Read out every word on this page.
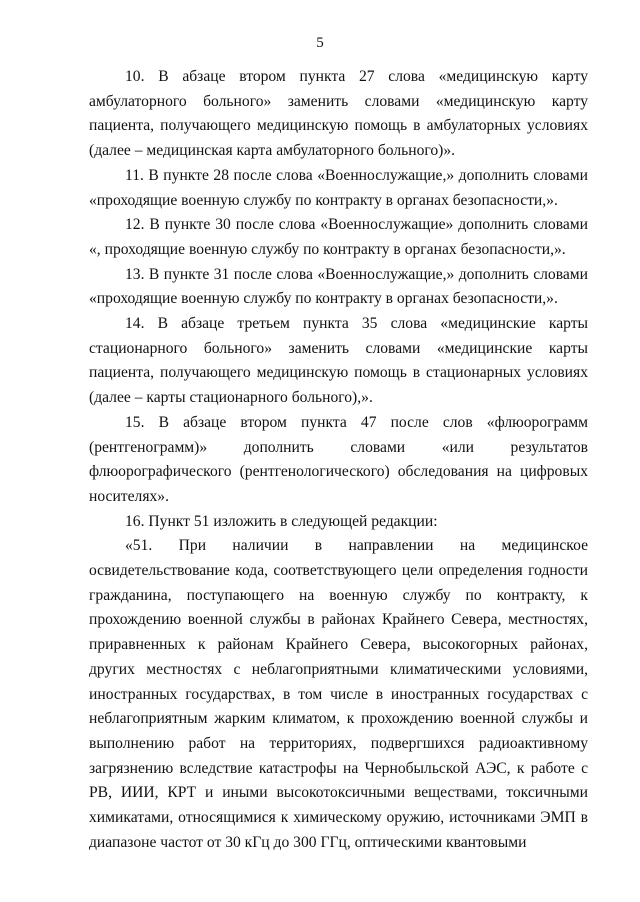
5

10. В абзаце втором пункта 27 слова «медицинскую карту амбулаторного больного» заменить словами «медицинскую карту пациента, получающего медицинскую помощь в амбулаторных условиях (далее – медицинская карта амбулаторного больного)».

11. В пункте 28 после слова «Военнослужащие,» дополнить словами «проходящие военную службу по контракту в органах безопасности,».

12. В пункте 30 после слова «Военнослужащие» дополнить словами «, проходящие военную службу по контракту в органах безопасности,».

13. В пункте 31 после слова «Военнослужащие,» дополнить словами «проходящие военную службу по контракту в органах безопасности,».

14. В абзаце третьем пункта 35 слова «медицинские карты стационарного больного» заменить словами «медицинские карты пациента, получающего медицинскую помощь в стационарных условиях (далее – карты стационарного больного),».

15. В абзаце втором пункта 47 после слов «флюорограмм (рентгенограмм)» дополнить словами «или результатов флюорографического (рентгенологического) обследования на цифровых носителях».

16. Пункт 51 изложить в следующей редакции:

«51. При наличии в направлении на медицинское освидетельствование кода, соответствующего цели определения годности гражданина, поступающего на военную службу по контракту, к прохождению военной службы в районах Крайнего Севера, местностях, приравненных к районам Крайнего Севера, высокогорных районах, других местностях с неблагоприятными климатическими условиями, иностранных государствах, в том числе в иностранных государствах с неблагоприятным жарким климатом, к прохождению военной службы и выполнению работ на территориях, подвергшихся радиоактивному загрязнению вследствие катастрофы на Чернобыльской АЭС, к работе с РВ, ИИИ, КРТ и иными высокотоксичными веществами, токсичными химикатами, относящимися к химическому оружию, источниками ЭМП в диапазоне частот от 30 кГц до 300 ГГц, оптическими квантовыми
